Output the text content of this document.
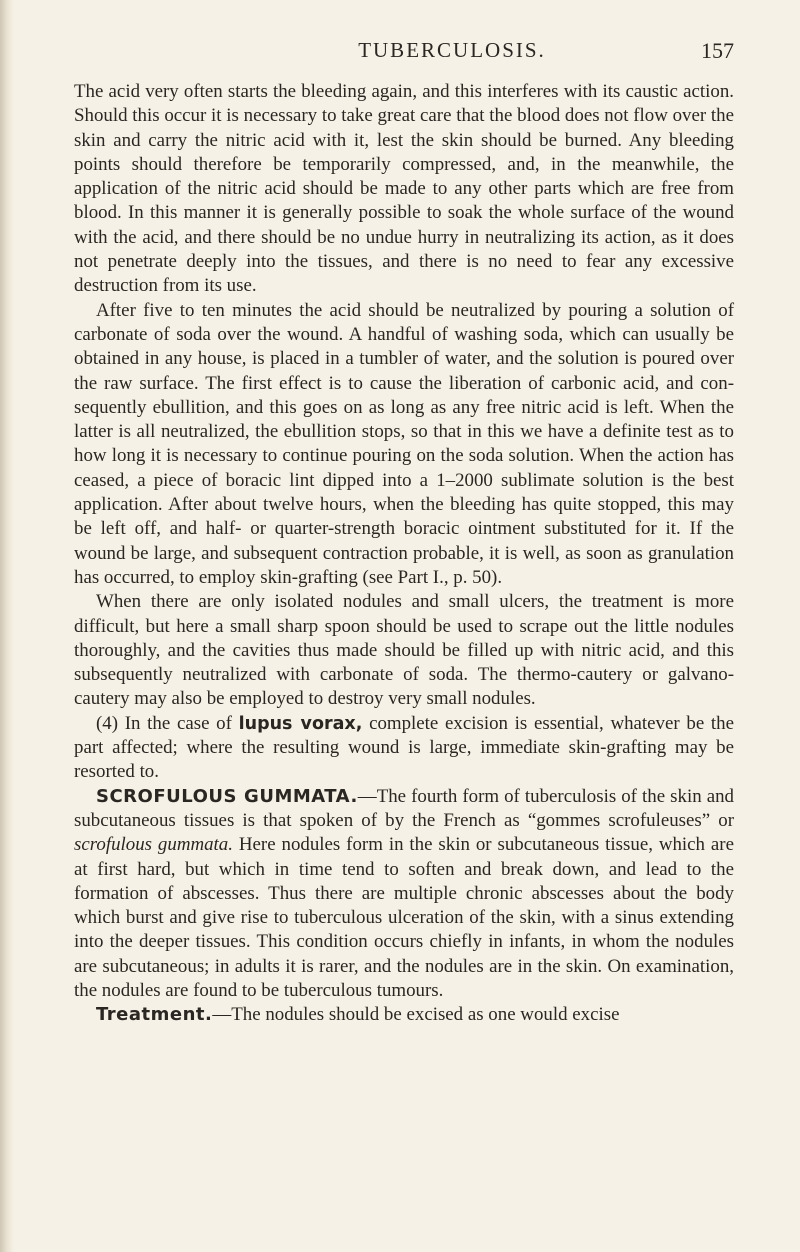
TUBERCULOSIS.	157

The acid very often starts the bleeding again, and this interferes with its caustic action. Should this occur it is necessary to take great care that the blood does not flow over the skin and carry the nitric acid with it, lest the skin should be burned. Any bleeding points should therefore be temporarily compressed, and, in the meanwhile, the application of the nitric acid should be made to any other parts which are free from blood. In this manner it is generally possible to soak the whole surface of the wound with the acid, and there should be no undue hurry in neutralizing its action, as it does not penetrate deeply into the tissues, and there is no need to fear any excessive destruction from its use.

After five to ten minutes the acid should be neutralized by pouring a solution of carbonate of soda over the wound. A handful of washing soda, which can usually be obtained in any house, is placed in a tumbler of water, and the solution is poured over the raw surface. The first effect is to cause the liberation of carbonic acid, and consequently ebullition, and this goes on as long as any free nitric acid is left. When the latter is all neutralized, the ebullition stops, so that in this we have a definite test as to how long it is necessary to continue pouring on the soda solution. When the action has ceased, a piece of boracic lint dipped into a 1–2000 sublimate solution is the best application. After about twelve hours, when the bleeding has quite stopped, this may be left off, and half- or quarter-strength boracic ointment substituted for it. If the wound be large, and subsequent contraction probable, it is well, as soon as granulation has occurred, to employ skin-grafting (see Part I., p. 50).

When there are only isolated nodules and small ulcers, the treatment is more difficult, but here a small sharp spoon should be used to scrape out the little nodules thoroughly, and the cavities thus made should be filled up with nitric acid, and this subsequently neutralized with carbonate of soda. The thermo-cautery or galvano-cautery may also be employed to destroy very small nodules.

(4) In the case of lupus vorax, complete excision is essential, whatever be the part affected; where the resulting wound is large, immediate skin-grafting may be resorted to.

SCROFULOUS GUMMATA.—The fourth form of tuberculosis of the skin and subcutaneous tissues is that spoken of by the French as “gommes scrofuleuses” or scrofulous gummata. Here nodules form in the skin or subcutaneous tissue, which are at first hard, but which in time tend to soften and break down, and lead to the formation of abscesses. Thus there are multiple chronic abscesses about the body which burst and give rise to tuberculous ulceration of the skin, with a sinus extending into the deeper tissues. This condition occurs chiefly in infants, in whom the nodules are subcutaneous; in adults it is rarer, and the nodules are in the skin. On examination, the nodules are found to be tuberculous tumours.

Treatment.—The nodules should be excised as one would excise
